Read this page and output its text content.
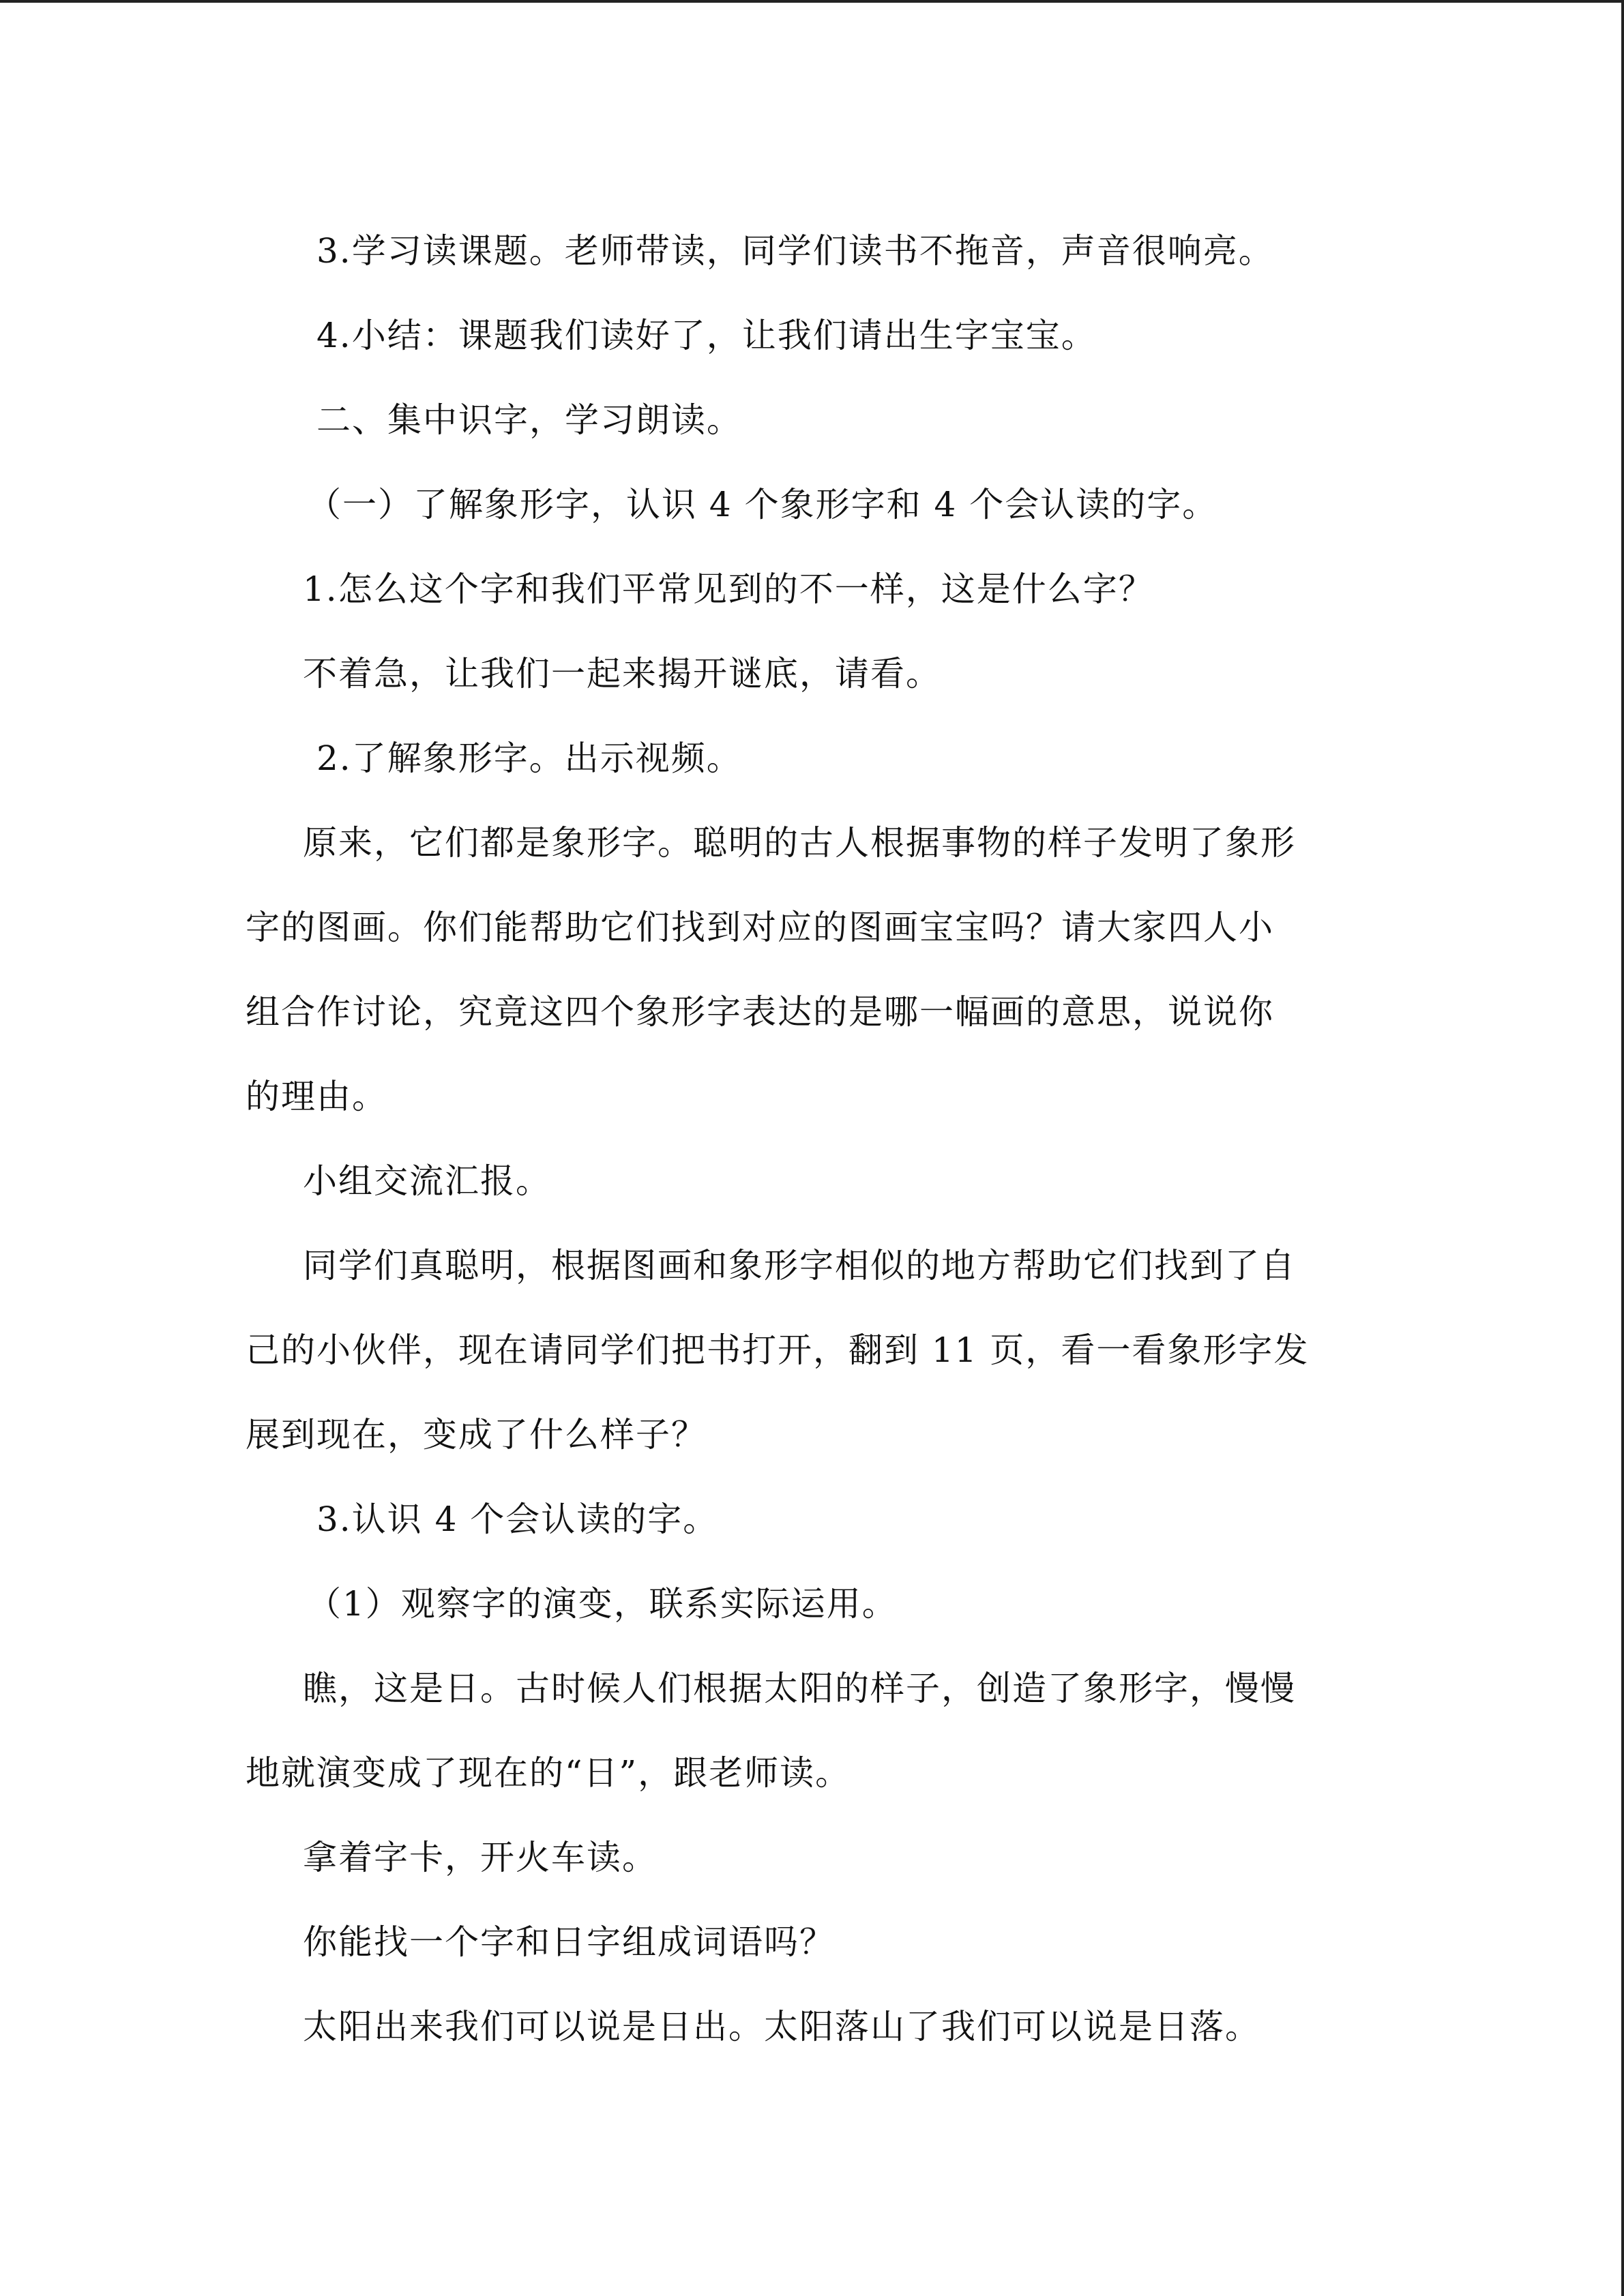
3.学习读课题。老师带读，同学们读书不拖音，声音很响亮。
4.小结：课题我们读好了，让我们请出生字宝宝。
二、集中识字，学习朗读。
（一）了解象形字，认识 4 个象形字和 4 个会认读的字。
1.怎么这个字和我们平常见到的不一样，这是什么字？
不着急，让我们一起来揭开谜底，请看。
2.了解象形字。出示视频。
原来，它们都是象形字。聪明的古人根据事物的样子发明了象形
字的图画。你们能帮助它们找到对应的图画宝宝吗？请大家四人小
组合作讨论，究竟这四个象形字表达的是哪一幅画的意思，说说你
的理由。
小组交流汇报。
同学们真聪明，根据图画和象形字相似的地方帮助它们找到了自
己的小伙伴，现在请同学们把书打开，翻到 11 页，看一看象形字发
展到现在，变成了什么样子？
3.认识 4 个会认读的字。
（1）观察字的演变，联系实际运用。
瞧，这是日。古时候人们根据太阳的样子，创造了象形字，慢慢
地就演变成了现在的“日”，跟老师读。
拿着字卡，开火车读。
你能找一个字和日字组成词语吗？
太阳出来我们可以说是日出。太阳落山了我们可以说是日落。
